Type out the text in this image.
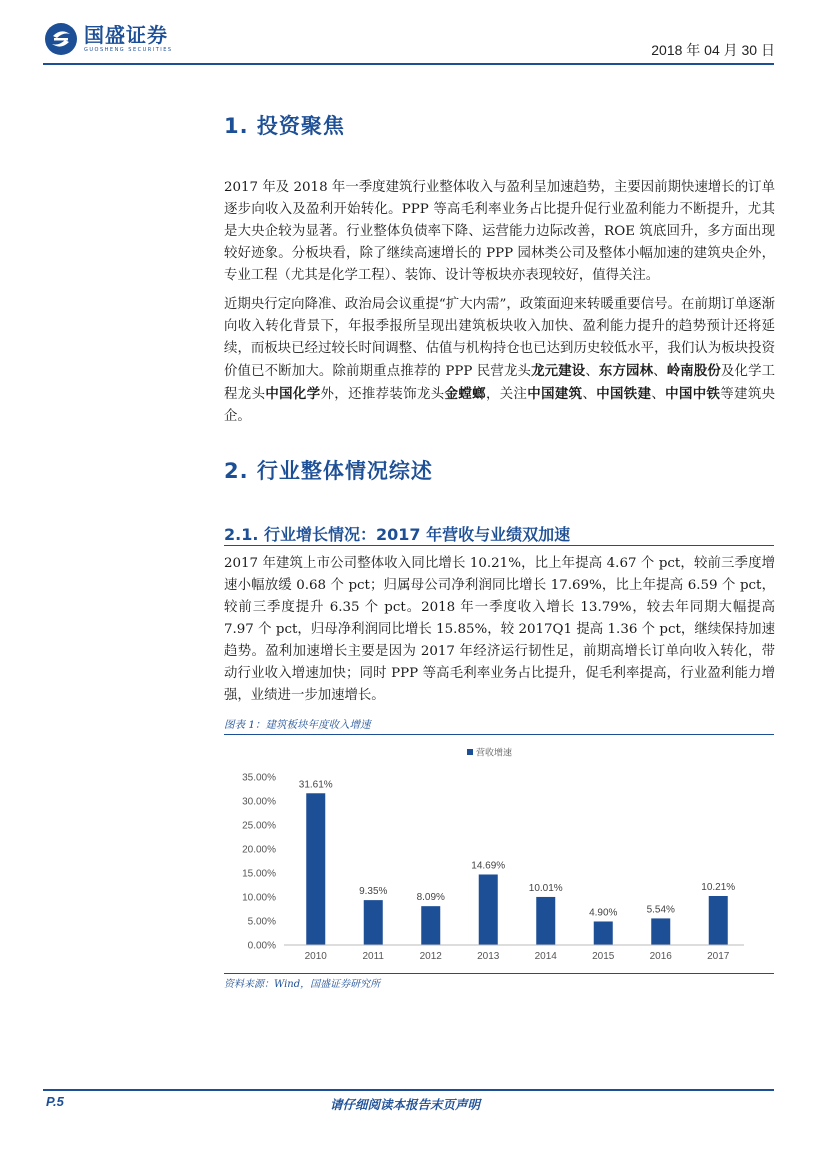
国盛证券
GUOSHENG SECURITIES	2018 年 04 月 30 日
1. 投资聚焦
2017 年及 2018 年一季度建筑行业整体收入与盈利呈加速趋势，主要因前期快速增长的订单逐步向收入及盈利开始转化。PPP 等高毛利率业务占比提升促行业盈利能力不断提升，尤其是大央企较为显著。行业整体负债率下降、运营能力边际改善，ROE 筑底回升，多方面出现较好迹象。分板块看，除了继续高速增长的 PPP 园林类公司及整体小幅加速的建筑央企外，专业工程（尤其是化学工程）、装饰、设计等板块亦表现较好，值得关注。
近期央行定向降准、政治局会议重提“扩大内需”，政策面迎来转暖重要信号。在前期订单逐渐向收入转化背景下，年报季报所呈现出建筑板块收入加快、盈利能力提升的趋势预计还将延续，而板块已经过较长时间调整、估值与机构持仓也已达到历史较低水平，我们认为板块投资价值已不断加大。除前期重点推荐的 PPP 民营龙头龙元建设、东方园林、岭南股份及化学工程龙头中国化学外，还推荐装饰龙头金螳螂，关注中国建筑、中国铁建、中国中铁等建筑央企。
2. 行业整体情况综述
2.1. 行业增长情况：2017 年营收与业绩双加速
2017 年建筑上市公司整体收入同比增长 10.21%，比上年提高 4.67 个 pct，较前三季度增速小幅放缓 0.68 个 pct；归属母公司净利润同比增长 17.69%，比上年提高 6.59 个 pct，较前三季度提升 6.35 个 pct。2018 年一季度收入增长 13.79%，较去年同期大幅提高 7.97 个 pct，归母净利润同比增长 15.85%，较 2017Q1 提高 1.36 个 pct，继续保持加速趋势。盈利加速增长主要是因为 2017 年经济运行韧性足，前期高增长订单向收入转化，带动行业收入增速加快；同时 PPP 等高毛利率业务占比提升，促毛利率提高，行业盈利能力增强，业绩进一步加速增长。
图表 1：建筑板块年度收入增速
营收增速
0.00%
5.00%
10.00%
15.00%
20.00%
25.00%
30.00%
35.00%
31.61%
9.35%
8.09%
14.69%
10.01%
4.90%	5.54%
10.21%
2010	2011	2012	2013	2014	2015	2016	2017
资料来源：Wind，国盛证券研究所
P.5	请仔细阅读本报告末页声明
